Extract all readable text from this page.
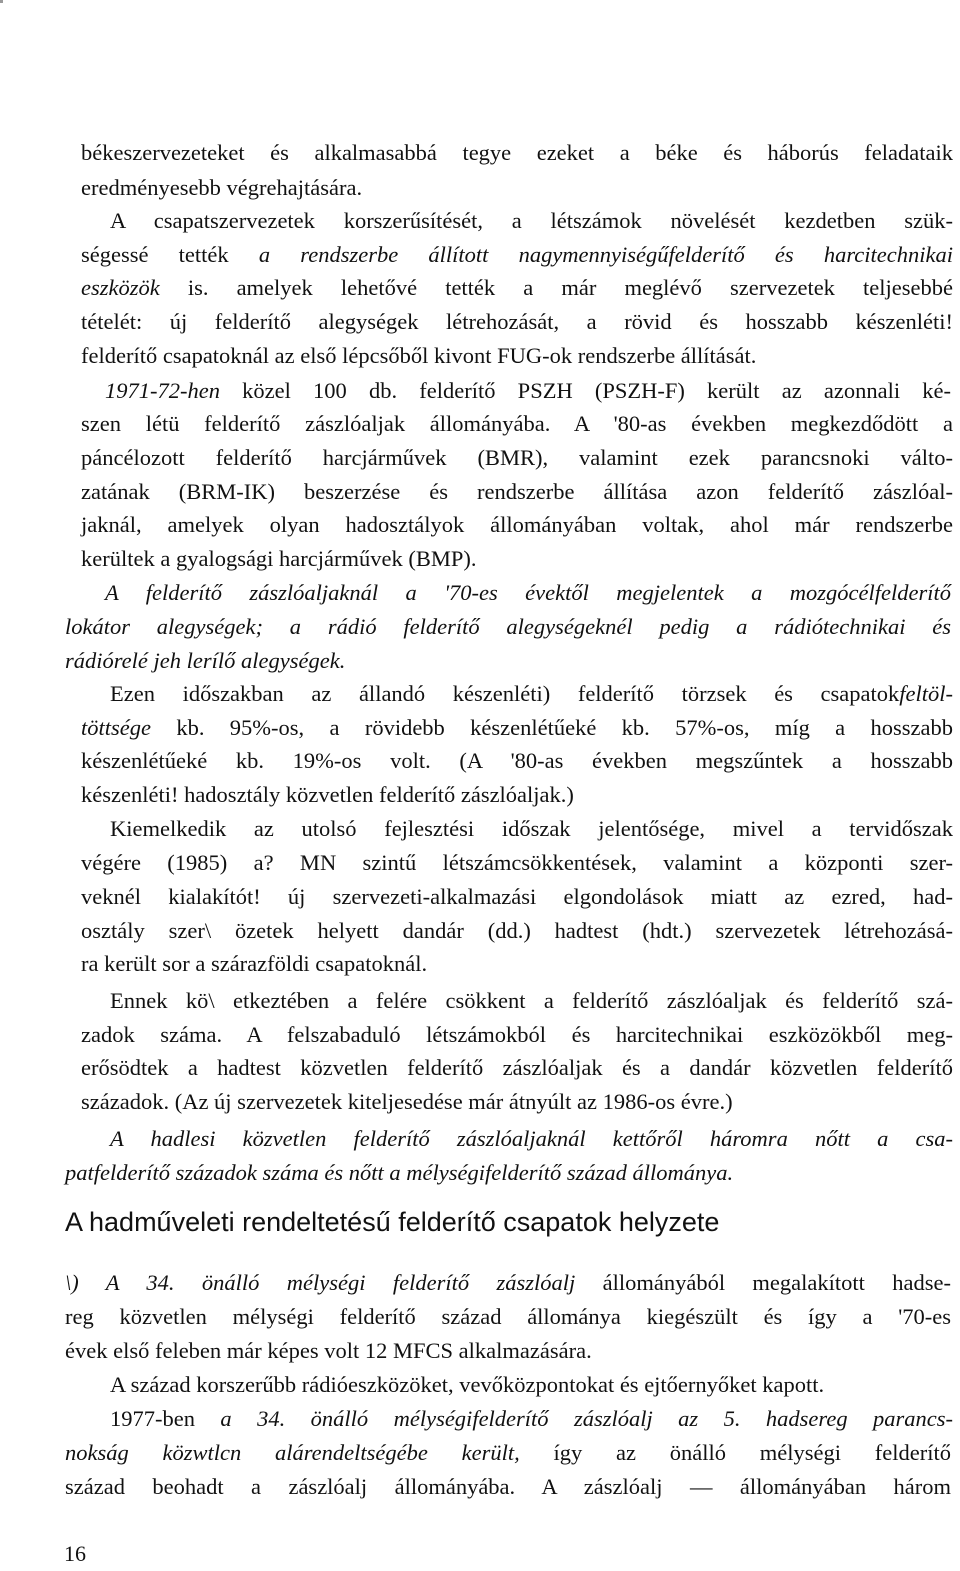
békeszervezeteket és alkalmasabbá tegye ezeket a béke és háborús feladataik
eredményesebb végrehajtására.
A csapatszervezetek korszerűsítését, a létszámok növelését kezdetben szük-
ségessé tették a rendszerbe állított nagymennyiségűfelderítő és harcitechnikai
eszközök is. amelyek lehetővé tették a már meglévő szervezetek teljesebbé
tételét: új felderítő alegységek létrehozását, a rövid és hosszabb készenléti!
felderítő csapatoknál az első lépcsőből kivont FUG-ok rendszerbe állítását.
1971-72-hen közel 100 db. felderítő PSZH (PSZH-F) került az azonnali ké-
szen létü felderítő zászlóaljak állományába. A '80-as években megkezdődött a
páncélozott felderítő harcjárművek (BMR), valamint ezek parancsnoki válto-
zatának (BRM-IK) beszerzése és rendszerbe állítása azon felderítő zászlóal-
jaknál, amelyek olyan hadosztályok állományában voltak, ahol már rendszerbe
kerültek a gyalogsági harcjárművek (BMP).
A felderítő zászlóaljaknál a '70-es évektől megjelentek a mozgócélfelderítő
lokátor alegységek; a rádió felderítő alegységeknél pedig a rádiótechnikai és
rádiórelé jeh lerílő alegységek.
Ezen időszakban az állandó készenléti) felderítő törzsek és csapatokfeltöl-
töttsége kb. 95%-os, a rövidebb készenlétűeké kb. 57%-os, míg a hosszabb
készenlétűeké kb. 19%-os volt. (A '80-as években megszűntek a hosszabb
készenléti! hadosztály közvetlen felderítő zászlóaljak.)
Kiemelkedik az utolsó fejlesztési időszak jelentősége, mivel a tervidőszak
végére (1985) a? MN szintű létszámcsökkentések, valamint a központi szer-
veknél kialakítót! új szervezeti-alkalmazási elgondolások miatt az ezred, had-
osztály szer\ özetek helyett dandár (dd.) hadtest (hdt.) szervezetek létrehozásá-
ra került sor a szárazföldi csapatoknál.
Ennek kö\ etkeztében a felére csökkent a felderítő zászlóaljak és felderítő szá-
zadok száma. A felszabaduló létszámokból és harcitechnikai eszközökből meg-
erősödtek a hadtest közvetlen felderítő zászlóaljak és a dandár közvetlen felderítő
századok. (Az új szervezetek kiteljesedése már átnyúlt az 1986-os évre.)
A hadlesi közvetlen felderítő zászlóaljaknál kettőről háromra nőtt a csa-
patfelderítő századok száma és nőtt a mélységifelderítő század állománya.
\) A 34. önálló mélységi felderítő zászlóalj állományából megalakított hadse-
reg közvetlen mélységi felderítő század állománya kiegészült és így a '70-es
évek első feleben már képes volt 12 MFCS alkalmazására.
A század korszerűbb rádióeszközöket, vevőközpontokat és ejtőernyőket kapott.
1977-ben a 34. önálló mélységifelderítő zászlóalj az 5. hadsereg parancs-
nokság közwtlcn alárendeltségébe került, így az önálló mélységi felderítő
század beohadt a zászlóalj állományába. A zászlóalj — állományában három
A hadműveleti rendeltetésű felderítő csapatok helyzete
16
